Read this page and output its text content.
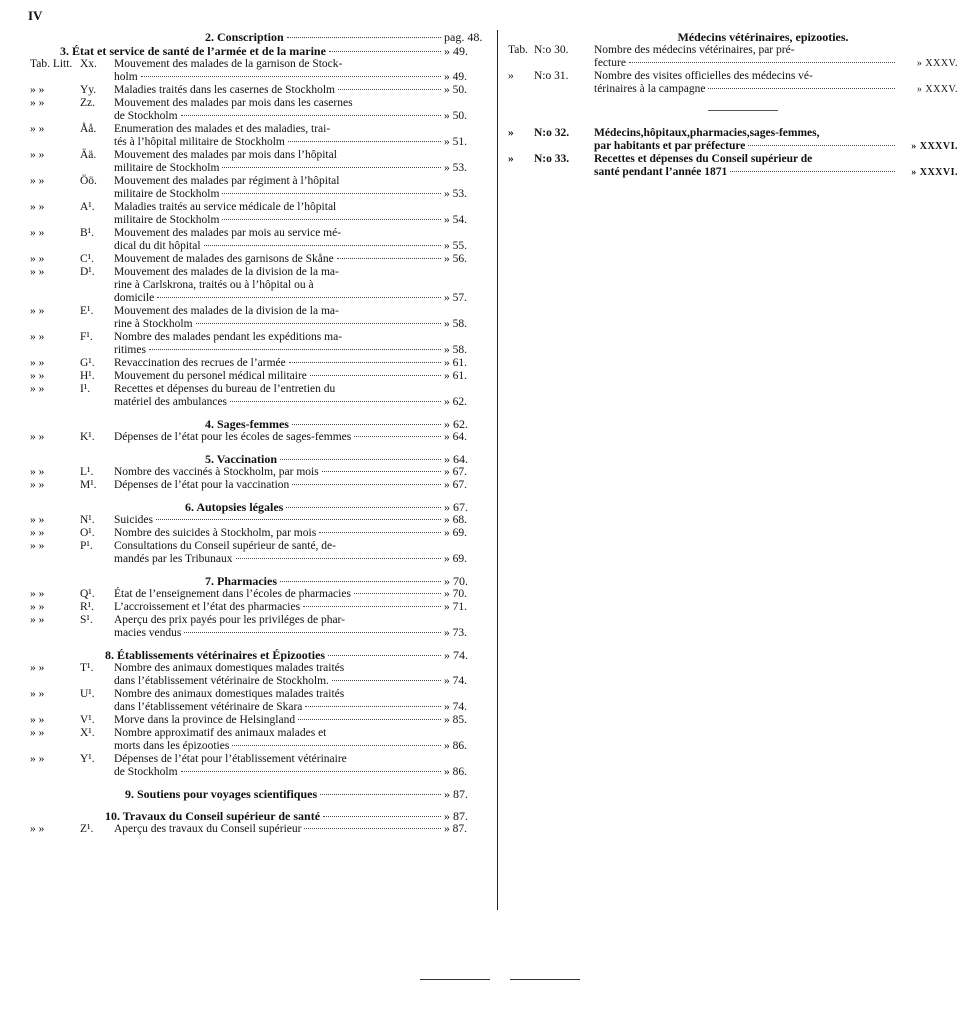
IV
2. Conscription	pag. 48.
3. État et service de santé de l’armée et de la marine	» 49.
Tab. Litt. Xx.	Mouvement des malades de la garnison de Stock-
holm	» 49.
» »	Yy.	Maladies traités dans les casernes de Stockholm	» 50.
» »	Zz.	Mouvement des malades par mois dans les casernes
de Stockholm	» 50.
» »	Åå.	Enumeration des malades et des maladies, trai-
tés à l’hôpital militaire de Stockholm	» 51.
» »	Ää.	Mouvement des malades par mois dans l’hôpital
militaire de Stockholm	» 53.
» »	Öö.	Mouvement des malades par régiment à l’hôpital
militaire de Stockholm	» 53.
» »	A¹.	Maladies traités au service médicale de l’hôpital
militaire de Stockholm	» 54.
» »	B¹.	Mouvement des malades par mois au service mé-
dical du dit hôpital	» 55.
» »	C¹.	Mouvement de malades des garnisons de Skåne	» 56.
» »	D¹.	Mouvement des malades de la division de la ma-
rine à Carlskrona, traités ou à l’hôpital ou à
domicile	» 57.
» »	E¹.	Mouvement des malades de la division de la ma-
rine à Stockholm	» 58.
» »	F¹.	Nombre des malades pendant les expéditions ma-
ritimes	» 58.
» »	G¹.	Revaccination des recrues de l’armée	» 61.
» »	H¹.	Mouvement du personel médical militaire	» 61.
» »	I¹.	Recettes et dépenses du bureau de l’entretien du
matériel des ambulances	» 62.
4. Sages-femmes	» 62.
» »	K¹.	Dépenses de l’état pour les écoles de sages-femmes	» 64.
5. Vaccination	» 64.
» »	L¹.	Nombre des vaccinés à Stockholm, par mois	» 67.
» »	M¹.	Dépenses de l’état pour la vaccination	» 67.
6. Autopsies légales	» 67.
» »	N¹.	Suicides	» 68.
» »	O¹.	Nombre des suicides à Stockholm, par mois	» 69.
» »	P¹.	Consultations du Conseil supérieur de santé, de-
mandés par les Tribunaux	» 69.
7. Pharmacies	» 70.
» »	Q¹.	État de l’enseignement dans l’écoles de pharmacies	» 70.
» »	R¹.	L’accroissement et l’état des pharmacies	» 71.
» »	S¹.	Aperçu des prix payés pour les priviléges de phar-
macies vendus	» 73.
8. Établissements vétérinaires et Épizooties	» 74.
» »	T¹.	Nombre des animaux domestiques malades traités
dans l’établissement vétérinaire de Stockholm.	» 74.
» »	U¹.	Nombre des animaux domestiques malades traités
dans l’établissement vétérinaire de Skara	» 74.
» »	V¹.	Morve dans la province de Helsingland	» 85.
» »	X¹.	Nombre approximatif des animaux malades et
morts dans les épizooties	» 86.
» »	Y¹.	Dépenses de l’état pour l’établissement vétérinaire
de Stockholm	» 86.
9. Soutiens pour voyages scientifiques	» 87.
10. Travaux du Conseil supérieur de santé	» 87.
» »	Z¹.	Aperçu des travaux du Conseil supérieur	» 87.
Médecins vétérinaires, epizooties.
Tab. N:o 30.	Nombre des médecins vétérinaires, par pré-
fecture	» XXXV.
»	N:o 31.	Nombre des visites officielles des médecins vé-
térinaires à la campagne	» XXXV.
»	N:o 32.	Médecins,hôpitaux,pharmacies,sages-femmes,
par habitants et par préfecture	» XXXVI.
»	N:o 33.	Recettes et dépenses du Conseil supérieur de
santé pendant l’année 1871	» XXXVI.
